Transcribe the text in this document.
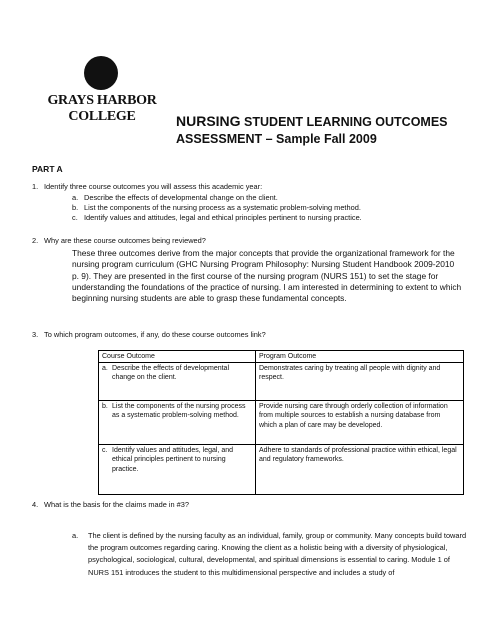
GRAYS HARBOR
COLLEGE	NURSING STUDENT LEARNING OUTCOMES
ASSESSMENT – Sample Fall 2009
PART A
1. Identify three course outcomes you will assess this academic year:
a. Describe the effects of developmental change on the client.
b. List the components of the nursing process as a systematic problem-solving method.
c. Identify values and attitudes, legal and ethical principles pertinent to nursing practice.
2. Why are these course outcomes being reviewed?
These three outcomes derive from the major concepts that provide the organizational framework for the nursing program curriculum (GHC Nursing Program Philosophy: Nursing Student Handbook 2009-2010 p. 9). They are presented in the first course of the nursing program (NURS 151) to set the stage for understanding the foundations of the practice of nursing. I am interested in determining to extent to which beginning nursing students are able to grasp these fundamental concepts.
3. To which program outcomes, if any, do these course outcomes link?
Course Outcome	Program Outcome

a. Describe the effects of developmental change on the client.	Demonstrates caring by treating all people with dignity and respect.

b. List the components of the nursing process as a systematic problem-solving method.	Provide nursing care through orderly collection of information from multiple sources to establish a nursing database from which a plan of care may be developed.

c. Identify values and attitudes, legal, and ethical principles pertinent to nursing practice.	Adhere to standards of professional practice within ethical, legal and regulatory frameworks.
4. What is the basis for the claims made in #3?
a. The client is defined by the nursing faculty as an individual, family, group or community. Many concepts build toward the program outcomes regarding caring. Knowing the client as a holistic being with a diversity of physiological, psychological, sociological, cultural, developmental, and spiritual dimensions is essential to caring. Module 1 of NURS 151 introduces the student to this multidimensional perspective and includes a study of
